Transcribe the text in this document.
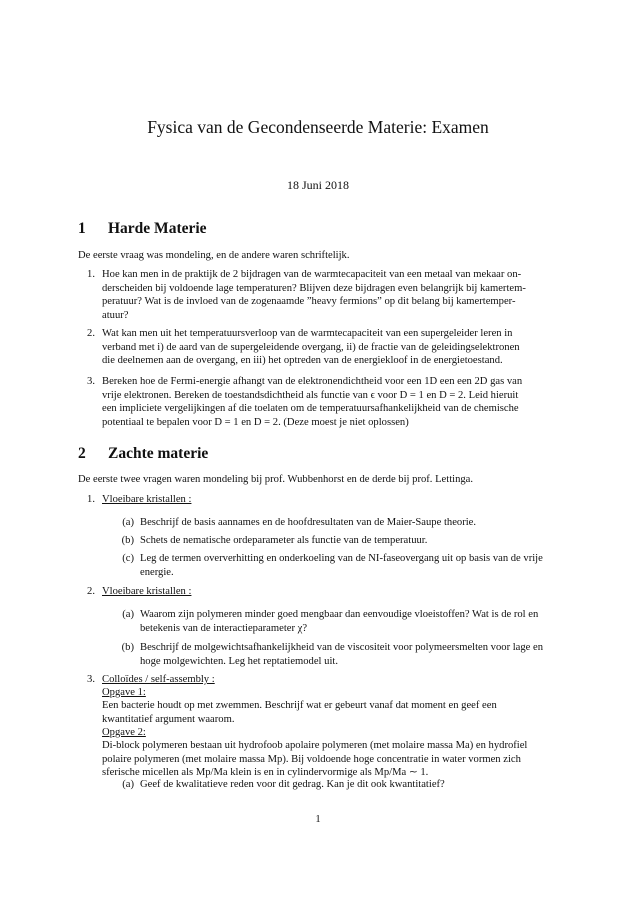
Fysica van de Gecondenseerde Materie: Examen
18 Juni 2018
1 Harde Materie
De eerste vraag was mondeling, en de andere waren schriftelijk.
1. Hoe kan men in de praktijk de 2 bijdragen van de warmtecapaciteit van een metaal van mekaar on-
derscheiden bij voldoende lage temperaturen? Blijven deze bijdragen even belangrijk bij kamertem-
peratuur? Wat is de invloed van de zogenaamde ”heavy fermions” op dit belang bij kamertemper-
atuur?
2. Wat kan men uit het temperatuursverloop van de warmtecapaciteit van een supergeleider leren in
verband met i) de aard van de supergeleidende overgang, ii) de fractie van de geleidingselektronen
die deelnemen aan de overgang, en iii) het optreden van de energiekloof in de energietoestand.
3. Bereken hoe de Fermi-energie afhangt van de elektronendichtheid voor een 1D een een 2D gas van
vrije elektronen. Bereken de toestandsdichtheid als functie van ϵ voor D = 1 en D = 2. Leid hieruit
een impliciete vergelijkingen af die toelaten om de temperatuursafhankelijkheid van de chemische
potentiaal te bepalen voor D = 1 en D = 2. (Deze moest je niet oplossen)
2 Zachte materie
De eerste twee vragen waren mondeling bij prof. Wubbenhorst en de derde bij prof. Lettinga.
1. Vloeibare kristallen :
(a) Beschrijf de basis aannames en de hoofdresultaten van de Maier-Saupe theorie.
(b) Schets de nematische ordeparameter als functie van de temperatuur.
(c) Leg de termen oververhitting en onderkoeling van de NI-faseovergang uit op basis van de vrije
energie.
2. Vloeibare kristallen :
(a) Waarom zijn polymeren minder goed mengbaar dan eenvoudige vloeistoffen? Wat is de rol en
betekenis van de interactieparameter χ?
(b) Beschrijf de molgewichtsafhankelijkheid van de viscositeit voor polymeersmelten voor lage en
hoge molgewichten. Leg het reptatiemodel uit.
3. Colloïdes / self-assembly :
Opgave 1:
Een bacterie houdt op met zwemmen. Beschrijf wat er gebeurt vanaf dat moment en geef een
kwantitatief argument waarom.
Opgave 2:
Di-block polymeren bestaan uit hydrofoob apolaire polymeren (met molaire massa Ma) en hydrofiel
polaire polymeren (met molaire massa Mp). Bij voldoende hoge concentratie in water vormen zich
sferische micellen als Mp/Ma klein is en in cylindervormige als Mp/Ma ∼ 1.
(a) Geef de kwalitatieve reden voor dit gedrag. Kan je dit ook kwantitatief?
1
